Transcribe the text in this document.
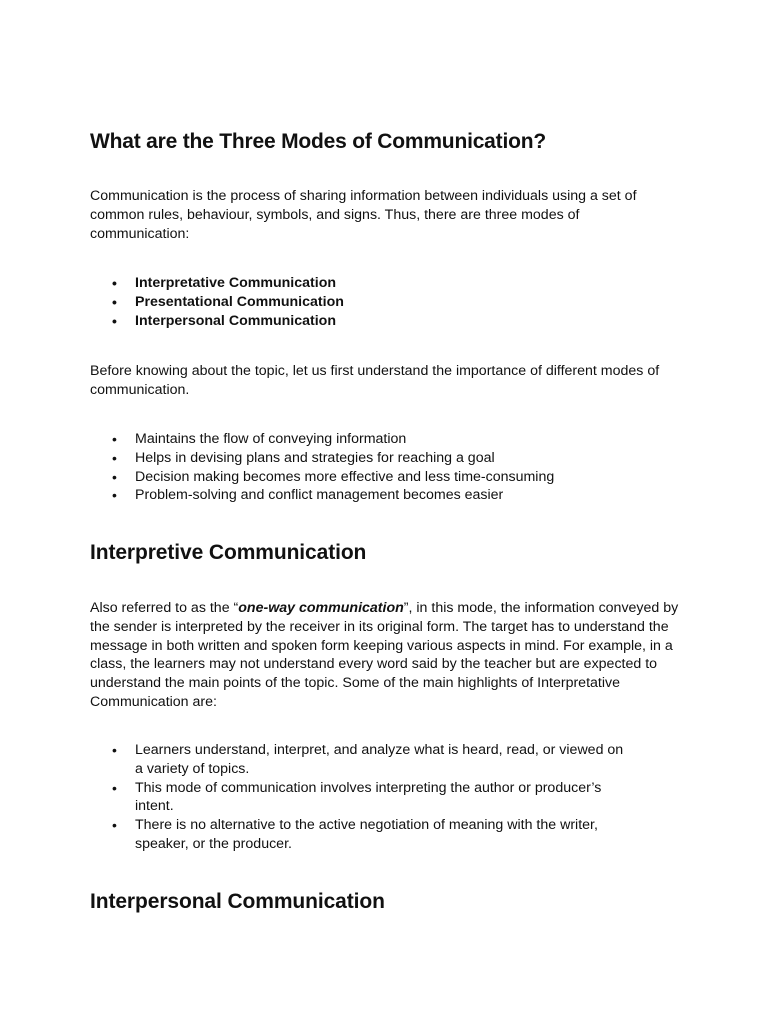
What are the Three Modes of Communication?

Communication is the process of sharing information between individuals using a set of common rules, behaviour, symbols, and signs. Thus, there are three modes of communication:

• Interpretative Communication
• Presentational Communication
• Interpersonal Communication

Before knowing about the topic, let us first understand the importance of different modes of communication.

• Maintains the flow of conveying information
• Helps in devising plans and strategies for reaching a goal
• Decision making becomes more effective and less time-consuming
• Problem-solving and conflict management becomes easier
Interpretive Communication

Also referred to as the “one-way communication”, in this mode, the information conveyed by the sender is interpreted by the receiver in its original form. The target has to understand the message in both written and spoken form keeping various aspects in mind. For example, in a class, the learners may not understand every word said by the teacher but are expected to understand the main points of the topic. Some of the main highlights of Interpretative Communication are:

• Learners understand, interpret, and analyze what is heard, read, or viewed on a variety of topics.
• This mode of communication involves interpreting the author or producer’s intent.
• There is no alternative to the active negotiation of meaning with the writer, speaker, or the producer.
Interpersonal Communication
